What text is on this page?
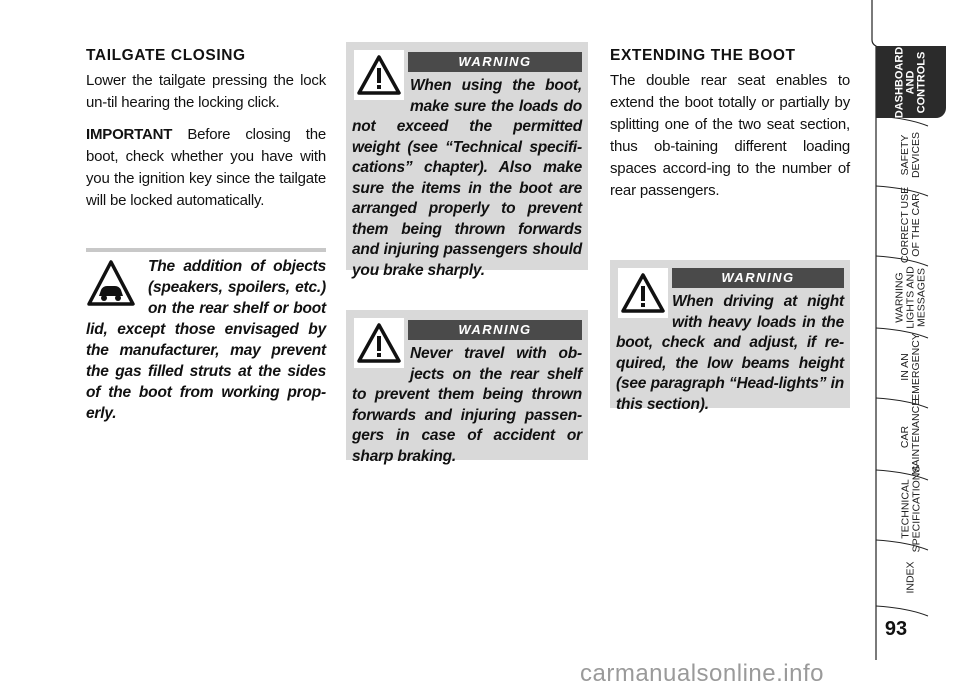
TAILGATE CLOSING

Lower the tailgate pressing the lock un-til hearing the locking click.

IMPORTANT Before closing the boot, check whether you have with you the ignition key since the tailgate will be locked automatically.

The addition of objects (speakers, spoilers, etc.) on the rear shelf or boot lid, except those envisaged by the manufacturer, may prevent the gas filled struts at the sides of the boot from working prop-erly.

WARNING

When using the boot, make sure the loads do not exceed the permitted weight (see “Technical specifi-cations” chapter). Also make sure the items in the boot are arranged properly to prevent them being thrown forwards and injuring passengers should you brake sharply.

WARNING

Never travel with ob-jects on the rear shelf to prevent them being thrown forwards and injuring passen-gers in case of accident or sharp braking.

EXTENDING THE BOOT

The double rear seat enables to extend the boot totally or partially by splitting one of the two seat section, thus ob-taining different loading spaces accord-ing to the number of rear passengers.

WARNING

When driving at night with heavy loads in the boot, check and adjust, if re-quired, the low beams height (see paragraph “Head-lights” in this section).

DASHBOARD
AND
CONTROLS
SAFETY
DEVICES
CORRECT USE
OF THE CAR
WARNING
LIGHTS AND
MESSAGES
IN AN
EMERGENCY
CAR
MAINTENANCE
TECHNICAL
SPECIFICATIONS
INDEX
93
carmanualsonline.info
